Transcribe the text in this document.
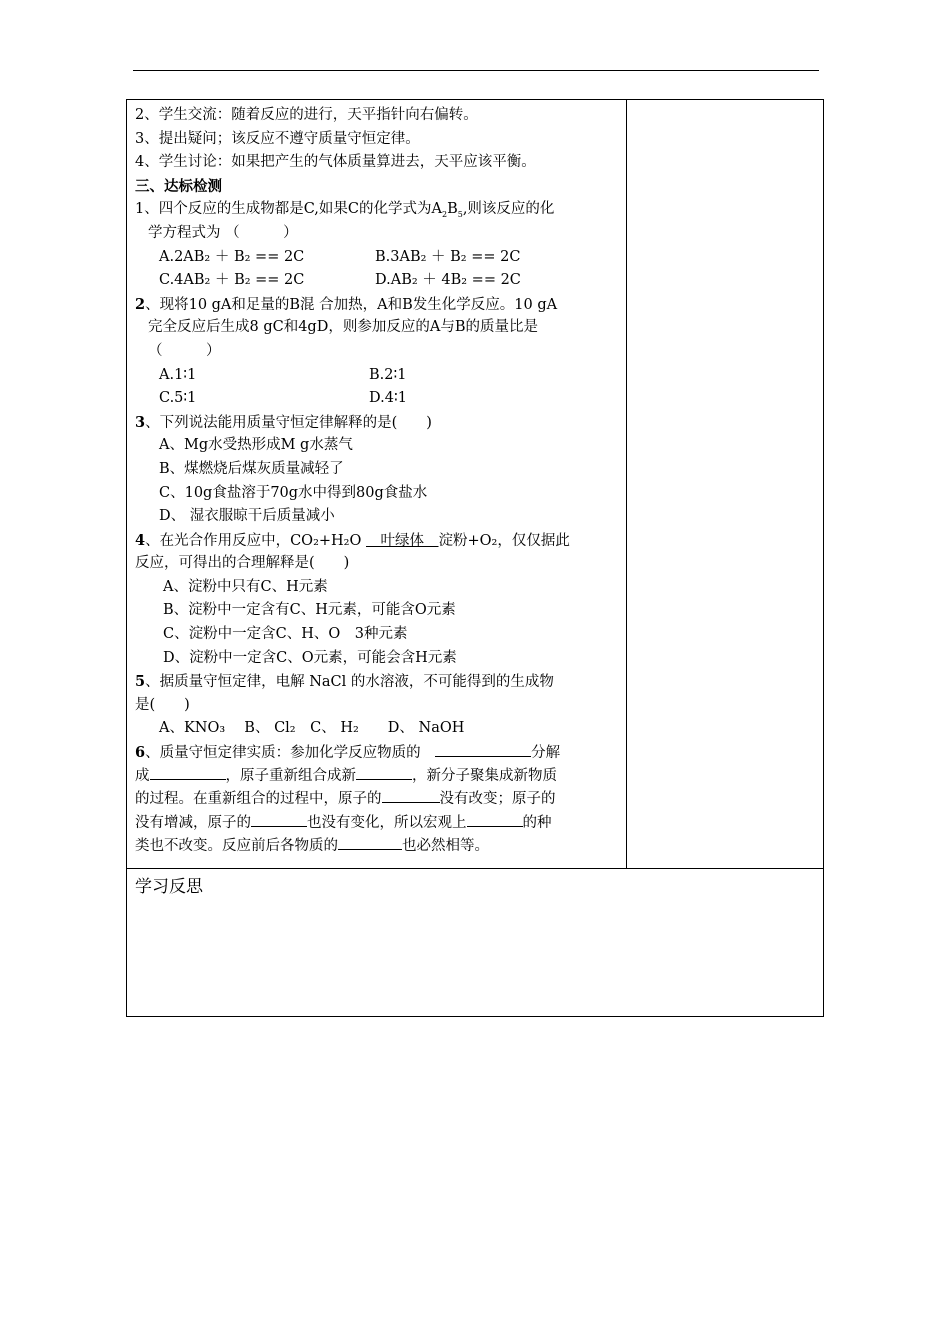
2、学生交流：随着反应的进行，天平指针向右偏转。
3、提出疑问；该反应不遵守质量守恒定律。
4、学生讨论：如果把产生的气体质量算进去，天平应该平衡。
三、达标检测
1、四个反应的生成物都是C,如果C的化学式为$A_2B_5$,则该反应的化
学方程式为 （　　　）
A.2AB₂ ＋ B₂ == 2C	B.3AB₂ ＋ B₂ == 2C
C.4AB₂ ＋ B₂ == 2C	D.AB₂ ＋ 4B₂ == 2C
2、现将10 gA和足量的B混 合加热，A和B发生化学反应。10 gA
完全反应后生成8 gC和4gD，则参加反应的A与B的质量比是
（　　　）
A.1∶1	B.2∶1
C.5∶1	D.4∶1
3、下列说法能用质量守恒定律解释的是(　　)
A、Mg水受热形成M g水蒸气
B、煤燃烧后煤灰质量减轻了
C、10g食盐溶于70g水中得到80g食盐水
D、 湿衣服晾干后质量减小
4、在光合作用反应中，CO₂+H₂O 　叶绿体　淀粉+O₂，仅仅据此
反应，可得出的合理解释是(　　)
A、淀粉中只有C、H元素
B、淀粉中一定含有C、H元素，可能含O元素
C、淀粉中一定含C、H、O　3种元素
D、淀粉中一定含C、O元素，可能会含H元素
5、据质量守恒定律，电解 NaCl 的水溶液，不可能得到的生成物
是(　　)
A、KNO₃　 B、 Cl₂　C、 H₂　　D、 NaOH
6、质量守恒定律实质：参加化学反应物质的　	分解
成	，原子重新组合成新	，新分子聚集成新物质
的过程。在重新组合的过程中，原子的	没有改变；原子的
没有增减，原子的	也没有变化，所以宏观上	的种
类也不改变。反应前后各物质的	也必然相等。
学习反思
